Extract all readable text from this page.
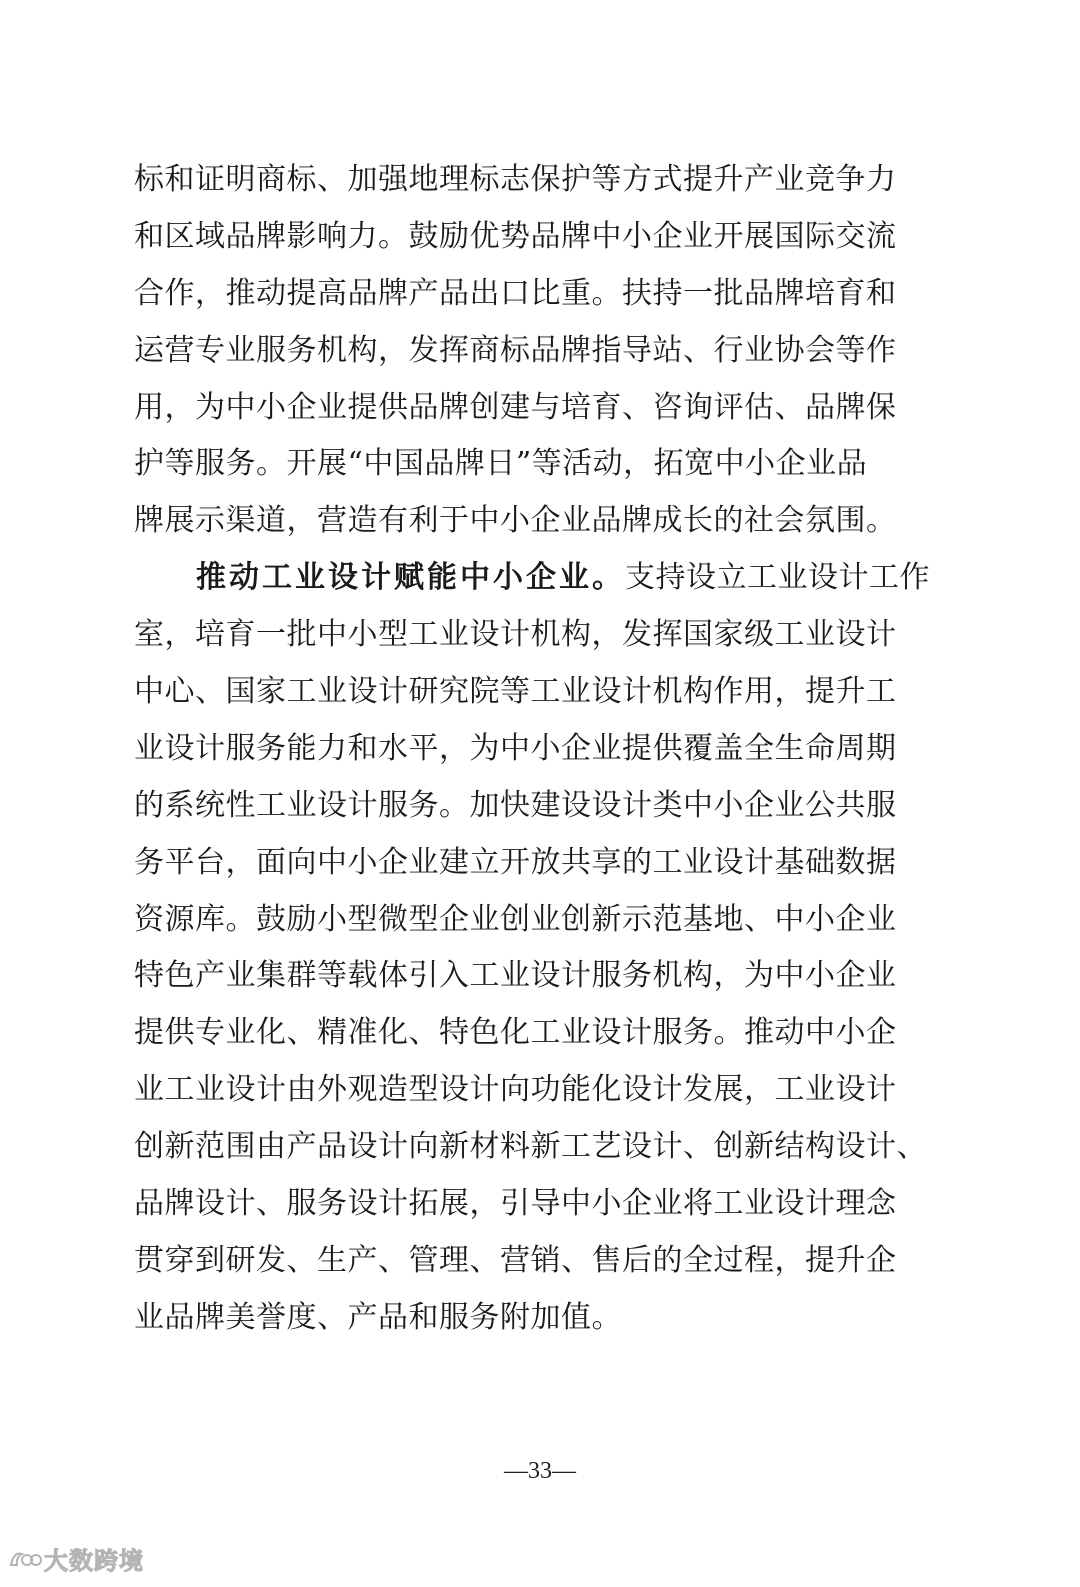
标和证明商标、加强地理标志保护等方式提升产业竞争力
和区域品牌影响力。鼓励优势品牌中小企业开展国际交流
合作，推动提高品牌产品出口比重。扶持一批品牌培育和
运营专业服务机构，发挥商标品牌指导站、行业协会等作
用，为中小企业提供品牌创建与培育、咨询评估、品牌保
护等服务。开展“中国品牌日”等活动，拓宽中小企业品
牌展示渠道，营造有利于中小企业品牌成长的社会氛围。
推动工业设计赋能中小企业。支持设立工业设计工作
室，培育一批中小型工业设计机构，发挥国家级工业设计
中心、国家工业设计研究院等工业设计机构作用，提升工
业设计服务能力和水平，为中小企业提供覆盖全生命周期
的系统性工业设计服务。加快建设设计类中小企业公共服
务平台，面向中小企业建立开放共享的工业设计基础数据
资源库。鼓励小型微型企业创业创新示范基地、中小企业
特色产业集群等载体引入工业设计服务机构，为中小企业
提供专业化、精准化、特色化工业设计服务。推动中小企
业工业设计由外观造型设计向功能化设计发展，工业设计
创新范围由产品设计向新材料新工艺设计、创新结构设计、
品牌设计、服务设计拓展，引导中小企业将工业设计理念
贯穿到研发、生产、管理、营销、售后的全过程，提升企
业品牌美誉度、产品和服务附加值。
—33—
大数跨境
